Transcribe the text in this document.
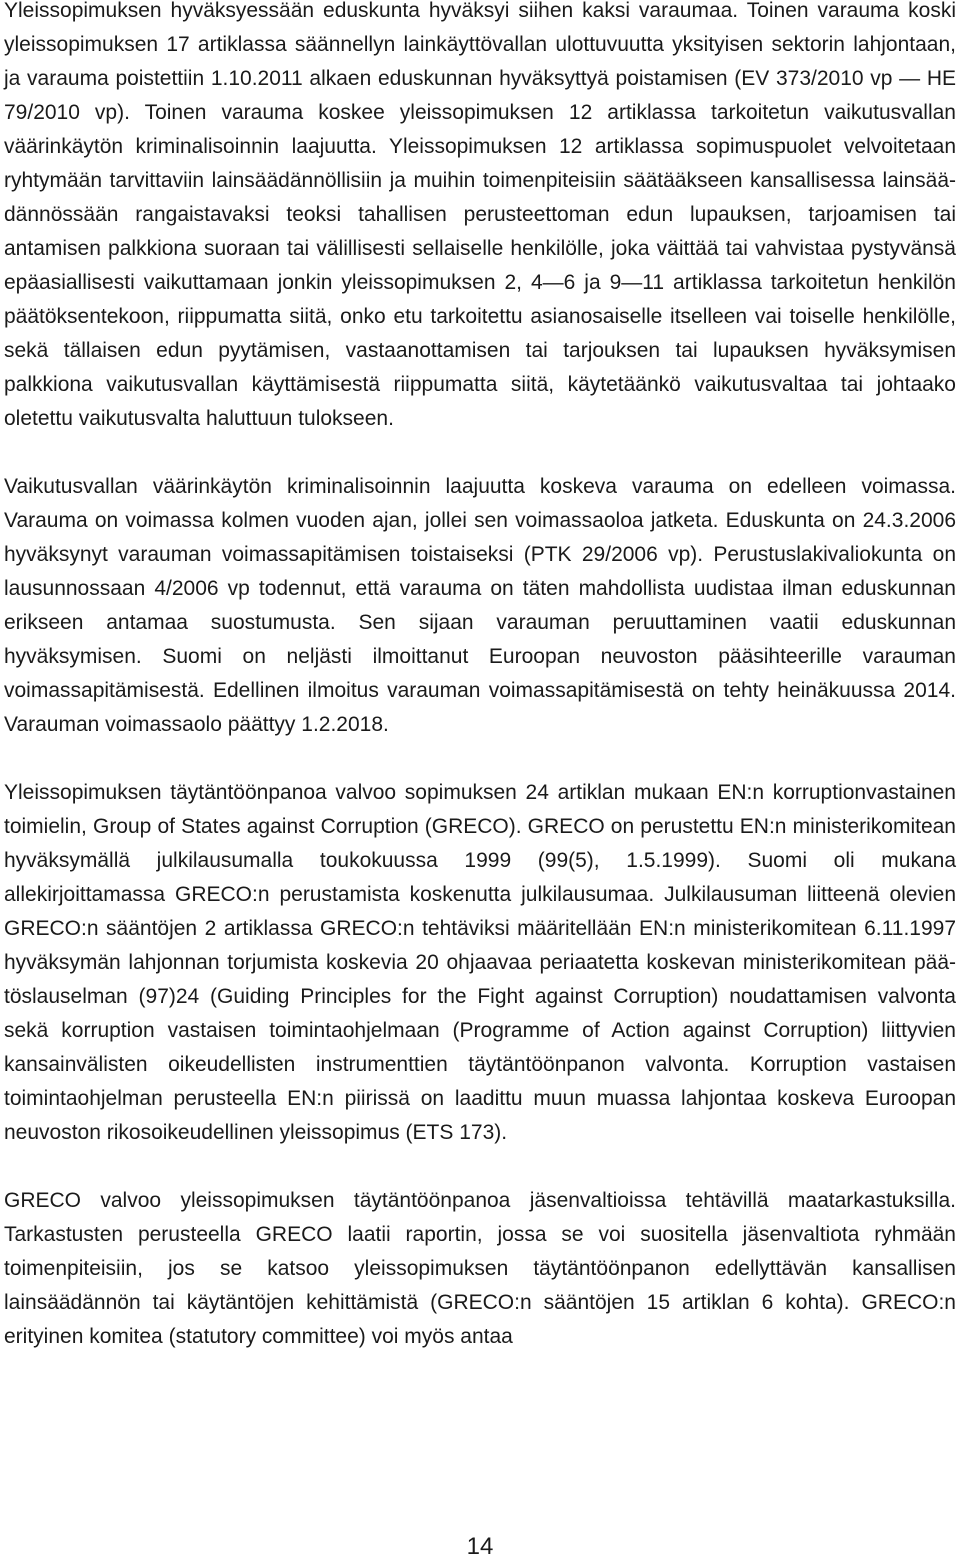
Yleissopimuksen hyväksyessään eduskunta hyväksyi siihen kaksi varaumaa. Toinen varauma koski yleissopimuksen 17 artiklassa säännellyn lainkäyttövallan ulottuvuutta yksityisen sektorin lahjontaan, ja varauma poistettiin 1.10.2011 alkaen eduskunnan hyväksyttyä poistamisen (EV 373/2010 vp — HE 79/2010 vp). Toinen varauma koskee yleissopimuksen 12 artiklassa tarkoitetun vaikutusvallan väärinkäytön kriminalisoinnin laajuutta. Yleissopimuksen 12 artiklassa sopimuspuolet velvoitetaan ryhtymään tarvittaviin lainsäädännöllisiin ja muihin toimenpiteisiin säätääkseen kansallisessa lainsäädännössään rangaistavaksi teoksi tahallisen perusteettoman edun lupauksen, tarjoamisen tai antamisen palkkiona suoraan tai välillisesti sellaiselle henkilölle, joka väittää tai vahvistaa pystyvänsä epäasiallisesti vaikuttamaan jonkin yleissopimuksen 2, 4—6 ja 9—11 artiklassa tarkoitetun henkilön päätöksentekoon, riippumatta siitä, onko etu tarkoitettu asianosaiselle itselleen vai toiselle henkilölle, sekä tällaisen edun pyytämisen, vastaanottamisen tai tarjouksen tai lupauksen hyväksymisen palkkiona vaikutusvallan käyttämisestä riippumatta siitä, käytetäänkö vaikutusvaltaa tai johtaako oletettu vaikutusvalta haluttuun tulokseen.

Vaikutusvallan väärinkäytön kriminalisoinnin laajuutta koskeva varauma on edelleen voimassa. Varauma on voimassa kolmen vuoden ajan, jollei sen voimassaoloa jatketa. Eduskunta on 24.3.2006 hyväksynyt varauman voimassapitämisen toistaiseksi (PTK 29/2006 vp). Perustuslakivaliokunta on lausunnossaan 4/2006 vp todennut, että varauma on täten mahdollista uudistaa ilman eduskunnan erikseen antamaa suostumusta. Sen sijaan varauman peruuttaminen vaatii eduskunnan hyväksymisen. Suomi on neljästi ilmoittanut Euroopan neuvoston pääsihteerille varauman voimassapitämisestä. Edellinen ilmoitus varauman voimassapitämisestä on tehty heinäkuussa 2014. Varauman voimassaolo päättyy 1.2.2018.

Yleissopimuksen täytäntöönpanoa valvoo sopimuksen 24 artiklan mukaan EN:n korruptionvastainen toimielin, Group of States against Corruption (GRECO). GRECO on perustettu EN:n ministerikomitean hyväksymällä julkilausumalla toukokuussa 1999 (99(5), 1.5.1999). Suomi oli mukana allekirjoittamassa GRECO:n perustamista koskenutta julkilausumaa. Julkilausuman liitteenä olevien GRECO:n sääntöjen 2 artiklassa GRECO:n tehtäviksi määritellään EN:n ministerikomitean 6.11.1997 hyväksymän lahjonnan torjumista koskevia 20 ohjaavaa periaatetta koskevan ministerikomitean päätöslauselman (97)24 (Guiding Principles for the Fight against Corruption) noudattamisen valvonta sekä korruption vastaisen toimintaohjelmaan (Programme of Action against Corruption) liittyvien kansainvälisten oikeudellisten instrumenttien täytäntöönpanon valvonta. Korruption vastaisen toimintaohjelman perusteella EN:n piirissä on laadittu muun muassa lahjontaa koskeva Euroopan neuvoston rikosoikeudellinen yleissopimus (ETS 173).

GRECO valvoo yleissopimuksen täytäntöönpanoa jäsenvaltioissa tehtävillä maatarkastuksilla. Tarkastusten perusteella GRECO laatii raportin, jossa se voi suositella jäsenvaltiota ryhmään toimenpiteisiin, jos se katsoo yleissopimuksen täytäntöönpanon edellyttävän kansallisen lainsäädännön tai käytäntöjen kehittämistä (GRECO:n sääntöjen 15 artiklan 6 kohta). GRECO:n erityinen komitea (statutory committee) voi myös antaa

14
